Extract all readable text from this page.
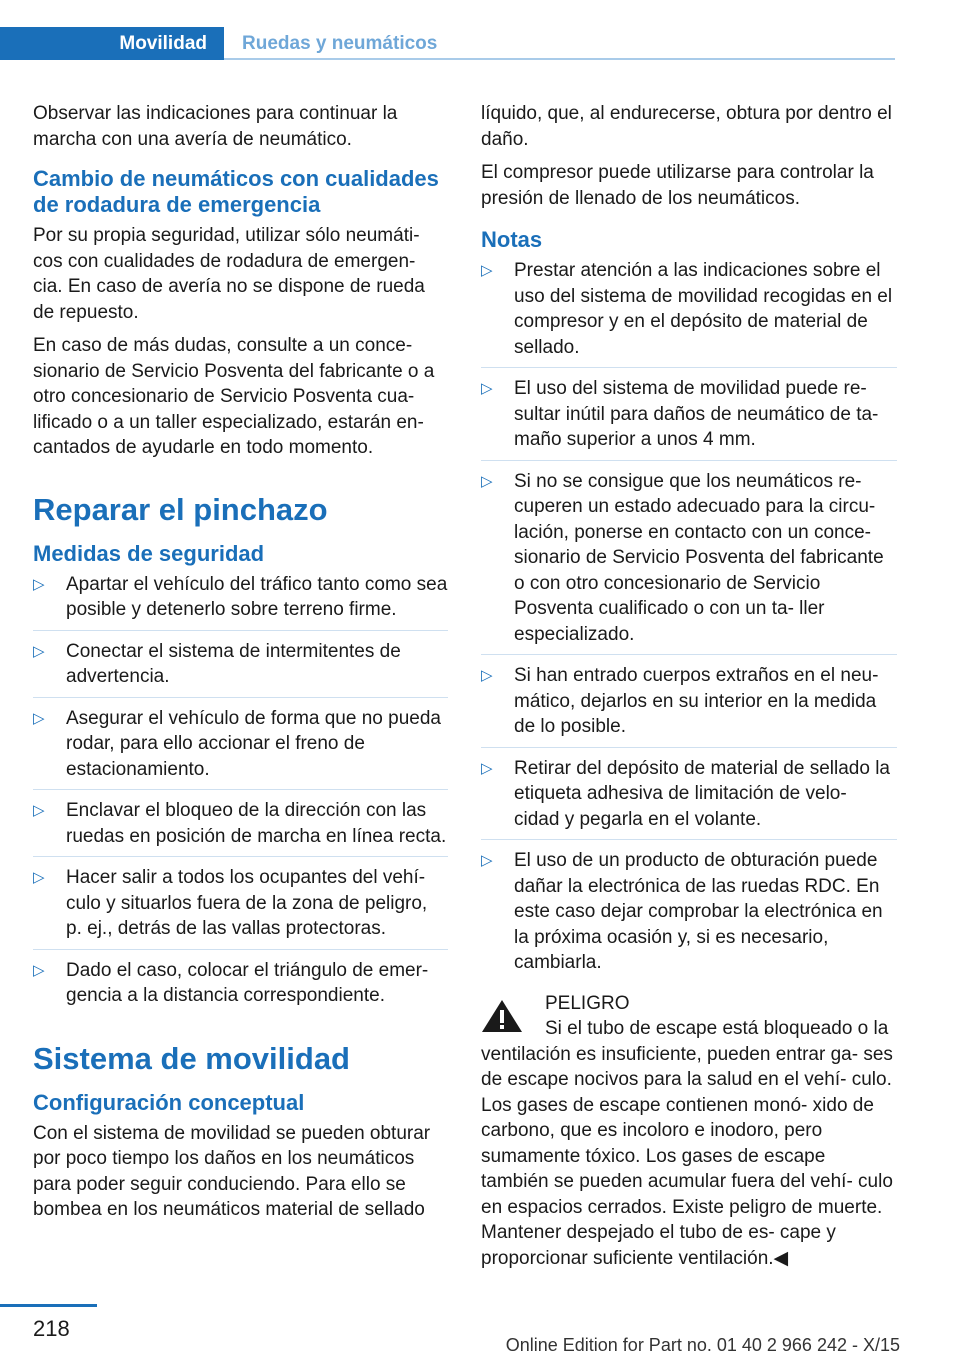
Movilidad	Ruedas y neumáticos

Observar las indicaciones para continuar la marcha con una avería de neumático.

Cambio de neumáticos con cualidades de rodadura de emergencia

Por su propia seguridad, utilizar sólo neumáti‐ cos con cualidades de rodadura de emergen‐ cia. En caso de avería no se dispone de rueda de repuesto.

En caso de más dudas, consulte a un conce‐ sionario de Servicio Posventa del fabricante o a otro concesionario de Servicio Posventa cua‐ lificado o a un taller especializado, estarán en‐ cantados de ayudarle en todo momento.

Reparar el pinchazo
Medidas de seguridad
▷ Apartar el vehículo del tráfico tanto como sea posible y detenerlo sobre terreno firme.
▷ Conectar el sistema de intermitentes de advertencia.
▷ Asegurar el vehículo de forma que no pueda rodar, para ello accionar el freno de estacionamiento.
▷ Enclavar el bloqueo de la dirección con las ruedas en posición de marcha en línea recta.
▷ Hacer salir a todos los ocupantes del vehí‐ culo y situarlos fuera de la zona de peligro, p. ej., detrás de las vallas protectoras.
▷ Dado el caso, colocar el triángulo de emer‐ gencia a la distancia correspondiente.
Sistema de movilidad
Configuración conceptual

Con el sistema de movilidad se pueden obturar por poco tiempo los daños en los neumáticos para poder seguir conduciendo. Para ello se bombea en los neumáticos material de sellado

líquido, que, al endurecerse, obtura por dentro el daño.

El compresor puede utilizarse para controlar la presión de llenado de los neumáticos.

Notas
▷ Prestar atención a las indicaciones sobre el uso del sistema de movilidad recogidas en el compresor y en el depósito de material de sellado.
▷ El uso del sistema de movilidad puede re‐ sultar inútil para daños de neumático de ta‐ maño superior a unos 4 mm.
▷ Si no se consigue que los neumáticos re‐ cuperen un estado adecuado para la circu‐ lación, ponerse en contacto con un conce‐ sionario de Servicio Posventa del fabricante o con otro concesionario de Servicio Posventa cualificado o con un ta‐ ller especializado.
▷ Si han entrado cuerpos extraños en el neu‐ mático, dejarlos en su interior en la medida de lo posible.
▷ Retirar del depósito de material de sellado la etiqueta adhesiva de limitación de velo‐ cidad y pegarla en el volante.
▷ El uso de un producto de obturación puede dañar la electrónica de las ruedas RDC. En este caso dejar comprobar la electrónica en la próxima ocasión y, si es necesario, cambiarla.
PELIGRO
Si el tubo de escape está bloqueado o la
ventilación es insuficiente, pueden entrar ga‐ ses de escape nocivos para la salud en el vehí‐ culo. Los gases de escape contienen monó‐ xido de carbono, que es incoloro e inodoro, pero sumamente tóxico. Los gases de escape también se pueden acumular fuera del vehí‐ culo en espacios cerrados. Existe peligro de muerte. Mantener despejado el tubo de es‐ cape y proporcionar suficiente ventilación.◀
218
Online Edition for Part no. 01 40 2 966 242 - X/15
